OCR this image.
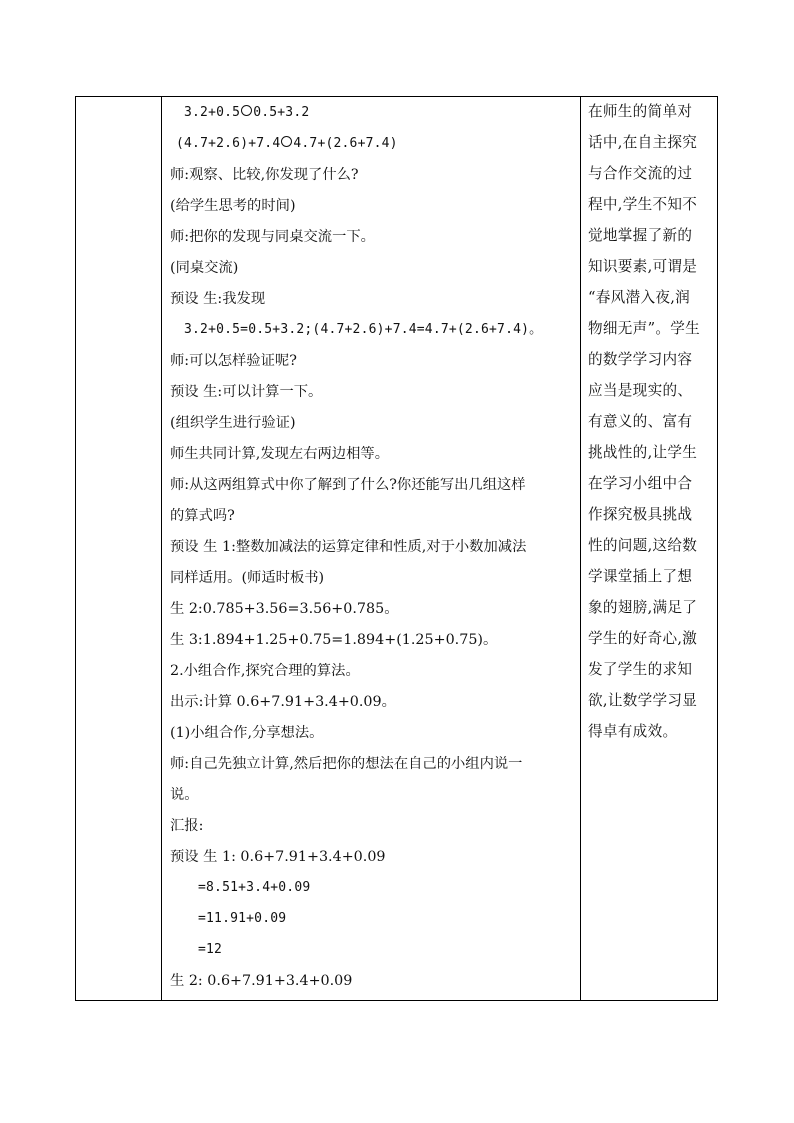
3.2+0.5 0.5+3.2
(4.7+2.6)+7.4 4.7+(2.6+7.4)
师:观察、比较,你发现了什么?
(给学生思考的时间)
师:把你的发现与同桌交流一下。
(同桌交流)
预设 生:我发现
3.2+0.5=0.5+3.2;(4.7+2.6)+7.4=4.7+(2.6+7.4)。
师:可以怎样验证呢?
预设 生:可以计算一下。
(组织学生进行验证)
师生共同计算,发现左右两边相等。
师:从这两组算式中你了解到了什么?你还能写出几组这样
的算式吗?
预设 生 1:整数加减法的运算定律和性质,对于小数加减法
同样适用。(师适时板书)
生 2:0.785+3.56=3.56+0.785。
生 3:1.894+1.25+0.75=1.894+(1.25+0.75)。
2.小组合作,探究合理的算法。
出示:计算 0.6+7.91+3.4+0.09。
(1)小组合作,分享想法。
师:自己先独立计算,然后把你的想法在自己的小组内说一
说。
汇报:
预设 生 1: 0.6+7.91+3.4+0.09
=8.51+3.4+0.09
=11.91+0.09
=12
生 2: 0.6+7.91+3.4+0.09
在师生的简单对
话中,在自主探究
与合作交流的过
程中,学生不知不
觉地掌握了新的
知识要素,可谓是
“春风潜入夜,润
物细无声”。学生
的数学学习内容
应当是现实的、
有意义的、富有
挑战性的,让学生
在学习小组中合
作探究极具挑战
性的问题,这给数
学课堂插上了想
象的翅膀,满足了
学生的好奇心,激
发了学生的求知
欲,让数学学习显
得卓有成效。
